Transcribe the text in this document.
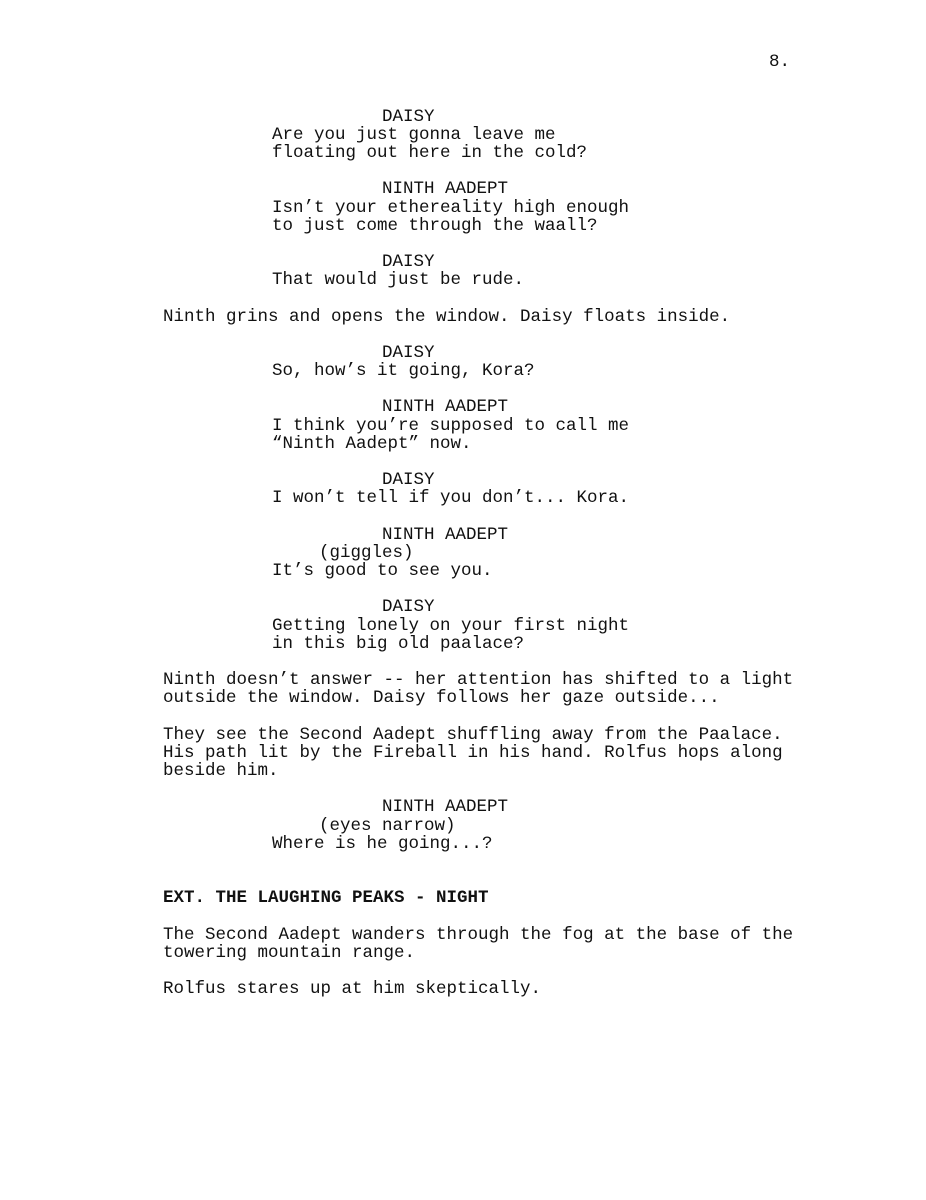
8.
DAISY
Are you just gonna leave me
floating out here in the cold?
NINTH AADEPT
Isn’t your ethereality high enough
to just come through the waall?
DAISY
That would just be rude.
Ninth grins and opens the window. Daisy floats inside.
DAISY
So, how’s it going, Kora?
NINTH AADEPT
I think you’re supposed to call me
“Ninth Aadept” now.
DAISY
I won’t tell if you don’t... Kora.
NINTH AADEPT
(giggles)
It’s good to see you.
DAISY
Getting lonely on your first night
in this big old paalace?
Ninth doesn’t answer -- her attention has shifted to a light
outside the window. Daisy follows her gaze outside...
They see the Second Aadept shuffling away from the Paalace.
His path lit by the Fireball in his hand. Rolfus hops along
beside him.
NINTH AADEPT
(eyes narrow)
Where is he going...?
EXT. THE LAUGHING PEAKS - NIGHT
The Second Aadept wanders through the fog at the base of the
towering mountain range.
Rolfus stares up at him skeptically.
